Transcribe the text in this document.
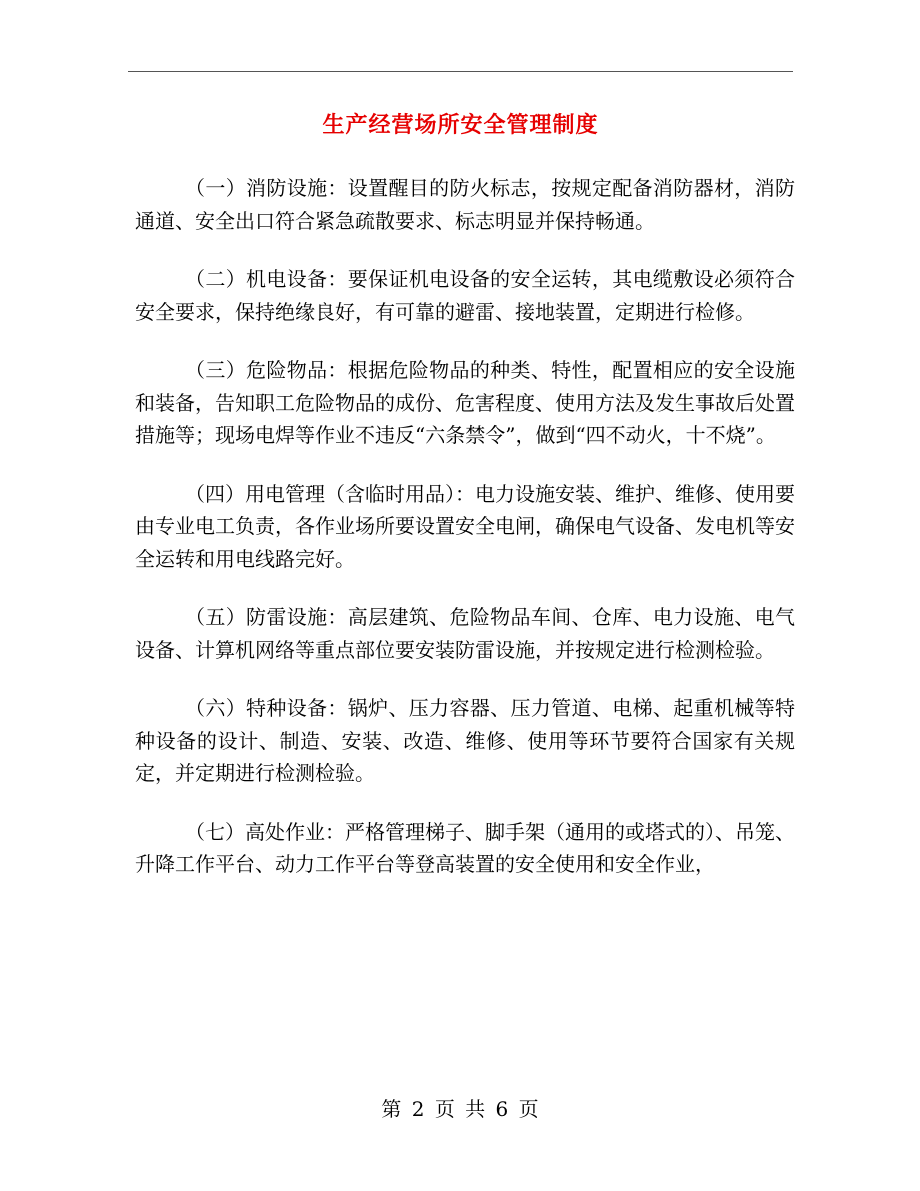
生产经营场所安全管理制度

（一）消防设施：设置醒目的防火标志，按规定配备消防器材，消防通道、安全出口符合紧急疏散要求、标志明显并保持畅通。

（二）机电设备：要保证机电设备的安全运转，其电缆敷设必须符合安全要求，保持绝缘良好，有可靠的避雷、接地装置，定期进行检修。

（三）危险物品：根据危险物品的种类、特性，配置相应的安全设施和装备，告知职工危险物品的成份、危害程度、使用方法及发生事故后处置措施等；现场电焊等作业不违反“六条禁令”，做到“四不动火，十不烧”。

（四）用电管理（含临时用品）：电力设施安装、维护、维修、使用要由专业电工负责，各作业场所要设置安全电闸，确保电气设备、发电机等安全运转和用电线路完好。

（五）防雷设施：高层建筑、危险物品车间、仓库、电力设施、电气设备、计算机网络等重点部位要安装防雷设施，并按规定进行检测检验。

（六）特种设备：锅炉、压力容器、压力管道、电梯、起重机械等特种设备的设计、制造、安装、改造、维修、使用等环节要符合国家有关规定，并定期进行检测检验。

（七）高处作业：严格管理梯子、脚手架（通用的或塔式的）、吊笼、升降工作平台、动力工作平台等登高装置的安全使用和安全作业，

第 2 页 共 6 页
